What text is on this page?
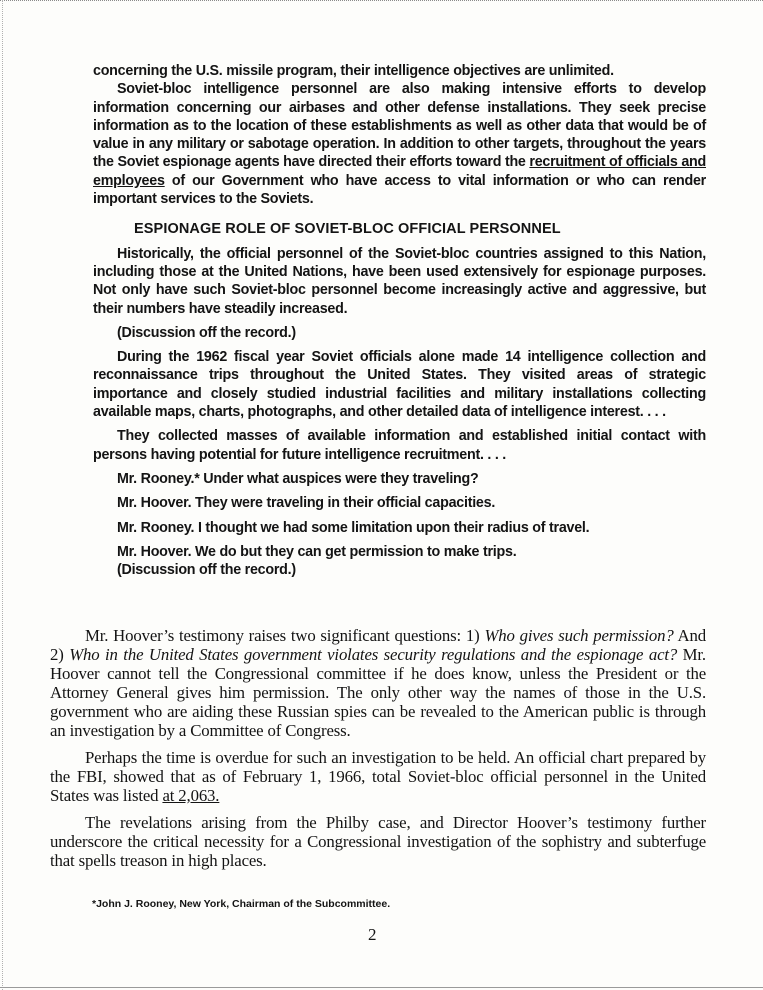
concerning the U.S. missile program, their intelligence objectives are unlimited.

Soviet-bloc intelligence personnel are also making intensive efforts to develop information concerning our airbases and other defense installations. They seek precise information as to the location of these establishments as well as other data that would be of value in any military or sabotage operation. In addition to other targets, throughout the years the Soviet espionage agents have directed their efforts toward the recruitment of officials and employees of our Government who have access to vital information or who can render important services to the Soviets.

ESPIONAGE ROLE OF SOVIET-BLOC OFFICIAL PERSONNEL

Historically, the official personnel of the Soviet-bloc countries assigned to this Nation, including those at the United Nations, have been used extensively for espionage purposes. Not only have such Soviet-bloc personnel become increasingly active and aggressive, but their numbers have steadily increased.

(Discussion off the record.)

During the 1962 fiscal year Soviet officials alone made 14 intelligence collection and reconnaissance trips throughout the United States. They visited areas of strategic importance and closely studied industrial facilities and military installations collecting available maps, charts, photographs, and other detailed data of intelligence interest. . . .

They collected masses of available information and established initial contact with persons having potential for future intelligence recruitment. . . .

Mr. Rooney.* Under what auspices were they traveling?

Mr. Hoover. They were traveling in their official capacities.

Mr. Rooney. I thought we had some limitation upon their radius of travel.

Mr. Hoover. We do but they can get permission to make trips.

(Discussion off the record.)

Mr. Hoover’s testimony raises two significant questions: 1) Who gives such permission? And 2) Who in the United States government violates security regulations and the espionage act? Mr. Hoover cannot tell the Congressional committee if he does know, unless the President or the Attorney General gives him permission. The only other way the names of those in the U.S. government who are aiding these Russian spies can be revealed to the American public is through an investigation by a Committee of Congress.

Perhaps the time is overdue for such an investigation to be held. An official chart prepared by the FBI, showed that as of February 1, 1966, total Soviet-bloc official personnel in the United States was listed at 2,063.

The revelations arising from the Philby case, and Director Hoover’s testimony further underscore the critical necessity for a Congressional investigation of the sophistry and subterfuge that spells treason in high places.

*John J. Rooney, New York, Chairman of the Subcommittee.
2
